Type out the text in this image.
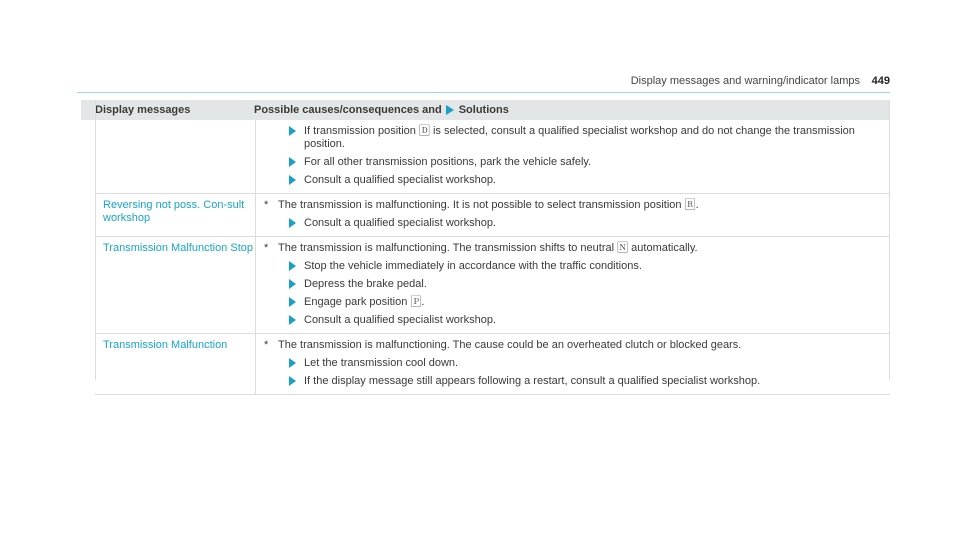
Display messages and warning/indicator lamps 449
Display messages	Possible causes/consequences and Solutions
If transmission position 🄳 is selected, consult a qualified specialist workshop and do not change the transmission position.
For all other transmission positions, park the vehicle safely.
Consult a qualified specialist workshop.
Reversing not poss. Con-sult workshop
* The transmission is malfunctioning. It is not possible to select transmission position 🅁.
Consult a qualified specialist workshop.
Transmission Malfunction Stop * The transmission is malfunctioning. The transmission shifts to neutral 🄽 automatically.
Stop the vehicle immediately in accordance with the traffic conditions.
Depress the brake pedal.
Engage park position 🄿.
Consult a qualified specialist workshop.
Transmission Malfunction	* The transmission is malfunctioning. The cause could be an overheated clutch or blocked gears.
Let the transmission cool down.
If the display message still appears following a restart, consult a qualified specialist workshop.
